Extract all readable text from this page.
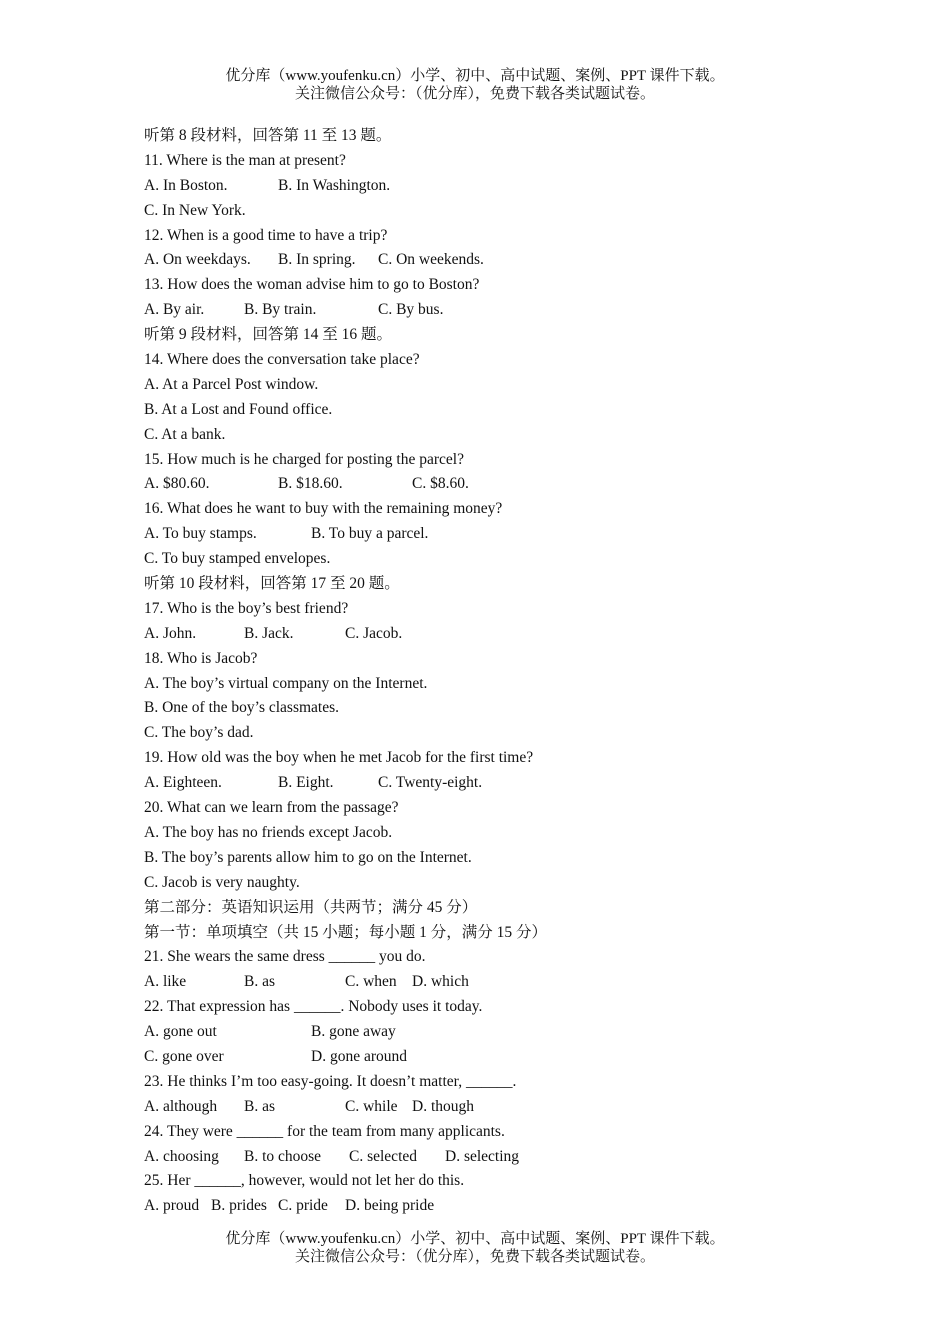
优分库（www.youfenku.cn）小学、初中、高中试题、案例、PPT 课件下载。
关注微信公众号：（优分库），免费下载各类试题试卷。
听第 8 段材料，回答第 11 至 13 题。
11. Where is the man at present?
A. In Boston.	B. In Washington.
C. In New York.
12. When is a good time to have a trip?
A. On weekdays. B. In spring. C. On weekends.
13. How does the woman advise him to go to Boston?
A. By air.	B. By train.	C. By bus.
听第 9 段材料，回答第 14 至 16 题。
14. Where does the conversation take place?
A. At a Parcel Post window.
B. At a Lost and Found office.
C. At a bank.
15. How much is he charged for posting the parcel?
A. $80.60.	B. $18.60.	C. $8.60.
16. What does he want to buy with the remaining money?
A. To buy stamps.	B. To buy a parcel.
C. To buy stamped envelopes.
听第 10 段材料，回答第 17 至 20 题。
17. Who is the boy’s best friend?
A. John.	B. Jack.	C. Jacob.
18. Who is Jacob?
A. The boy’s virtual company on the Internet.
B. One of the boy’s classmates.
C. The boy’s dad.
19. How old was the boy when he met Jacob for the first time?
A. Eighteen.	B. Eight.	C. Twenty-eight.
20. What can we learn from the passage?
A. The boy has no friends except Jacob.
B. The boy’s parents allow him to go on the Internet.
C. Jacob is very naughty.
第二部分：英语知识运用（共两节；满分 45 分）
第一节：单项填空（共 15 小题；每小题 1 分，满分 15 分）
21. She wears the same dress ______ you do.
A. like	B. as	C. when D. which
22. That expression has ______. Nobody uses it today.
A. gone out	B. gone away
C. gone over	D. gone around
23. He thinks I’m too easy-going. It doesn’t matter, ______.
A. although B. as	C. while D. though
24. They were ______ for the team from many applicants.
A. choosing B. to choose C. selected D. selecting
25. Her ______, however, would not let her do this.
A. proud B. prides C. pride D. being pride
优分库（www.youfenku.cn）小学、初中、高中试题、案例、PPT 课件下载。
关注微信公众号：（优分库），免费下载各类试题试卷。
